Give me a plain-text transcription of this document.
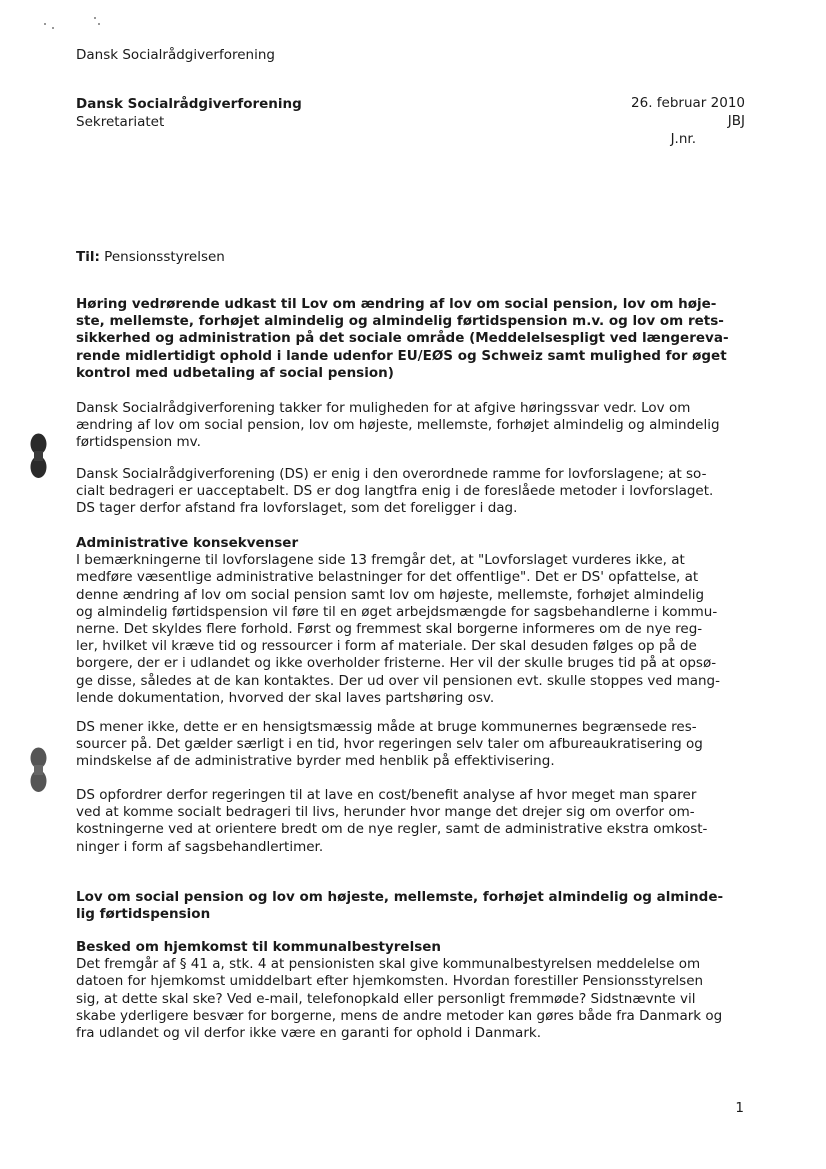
Dansk Socialrådgiverforening
Dansk Socialrådgiverforening
Sekretariatet
26. februar 2010
JBJ
J.nr.
Til: Pensionsstyrelsen
Høring vedrørende udkast til Lov om ændring af lov om social pension, lov om høje-
ste, mellemste, forhøjet almindelig og almindelig førtidspension m.v. og lov om rets-
sikkerhed og administration på det sociale område (Meddelelsespligt ved længereva-
rende midlertidigt ophold i lande udenfor EU/EØS og Schweiz samt mulighed for øget
kontrol med udbetaling af social pension)
Dansk Socialrådgiverforening takker for muligheden for at afgive høringssvar vedr. Lov om
ændring af lov om social pension, lov om højeste, mellemste, forhøjet almindelig og almindelig
førtidspension mv.
Dansk Socialrådgiverforening (DS) er enig i den overordnede ramme for lovforslagene; at so-
cialt bedrageri er uacceptabelt. DS er dog langtfra enig i de foreslåede metoder i lovforslaget.
DS tager derfor afstand fra lovforslaget, som det foreligger i dag.
Administrative konsekvenser
I bemærkningerne til lovforslagene side 13 fremgår det, at "Lovforslaget vurderes ikke, at
medføre væsentlige administrative belastninger for det offentlige". Det er DS' opfattelse, at
denne ændring af lov om social pension samt lov om højeste, mellemste, forhøjet almindelig
og almindelig førtidspension vil føre til en øget arbejdsmængde for sagsbehandlerne i kommu-
nerne. Det skyldes flere forhold. Først og fremmest skal borgerne informeres om de nye reg-
ler, hvilket vil kræve tid og ressourcer i form af materiale. Der skal desuden følges op på de
borgere, der er i udlandet og ikke overholder fristerne. Her vil der skulle bruges tid på at opsø-
ge disse, således at de kan kontaktes. Der ud over vil pensionen evt. skulle stoppes ved mang-
lende dokumentation, hvorved der skal laves partshøring osv.
DS mener ikke, dette er en hensigtsmæssig måde at bruge kommunernes begrænsede res-
sourcer på. Det gælder særligt i en tid, hvor regeringen selv taler om afbureaukratisering og
mindskelse af de administrative byrder med henblik på effektivisering.
DS opfordrer derfor regeringen til at lave en cost/benefit analyse af hvor meget man sparer
ved at komme socialt bedrageri til livs, herunder hvor mange det drejer sig om overfor om-
kostningerne ved at orientere bredt om de nye regler, samt de administrative ekstra omkost-
ninger i form af sagsbehandlertimer.
Lov om social pension og lov om højeste, mellemste, forhøjet almindelig og alminde-
lig førtidspension
Besked om hjemkomst til kommunalbestyrelsen
Det fremgår af § 41 a, stk. 4 at pensionisten skal give kommunalbestyrelsen meddelelse om
datoen for hjemkomst umiddelbart efter hjemkomsten. Hvordan forestiller Pensionsstyrelsen
sig, at dette skal ske? Ved e-mail, telefonopkald eller personligt fremmøde? Sidstnævnte vil
skabe yderligere besvær for borgerne, mens de andre metoder kan gøres både fra Danmark og
fra udlandet og vil derfor ikke være en garanti for ophold i Danmark.
1
